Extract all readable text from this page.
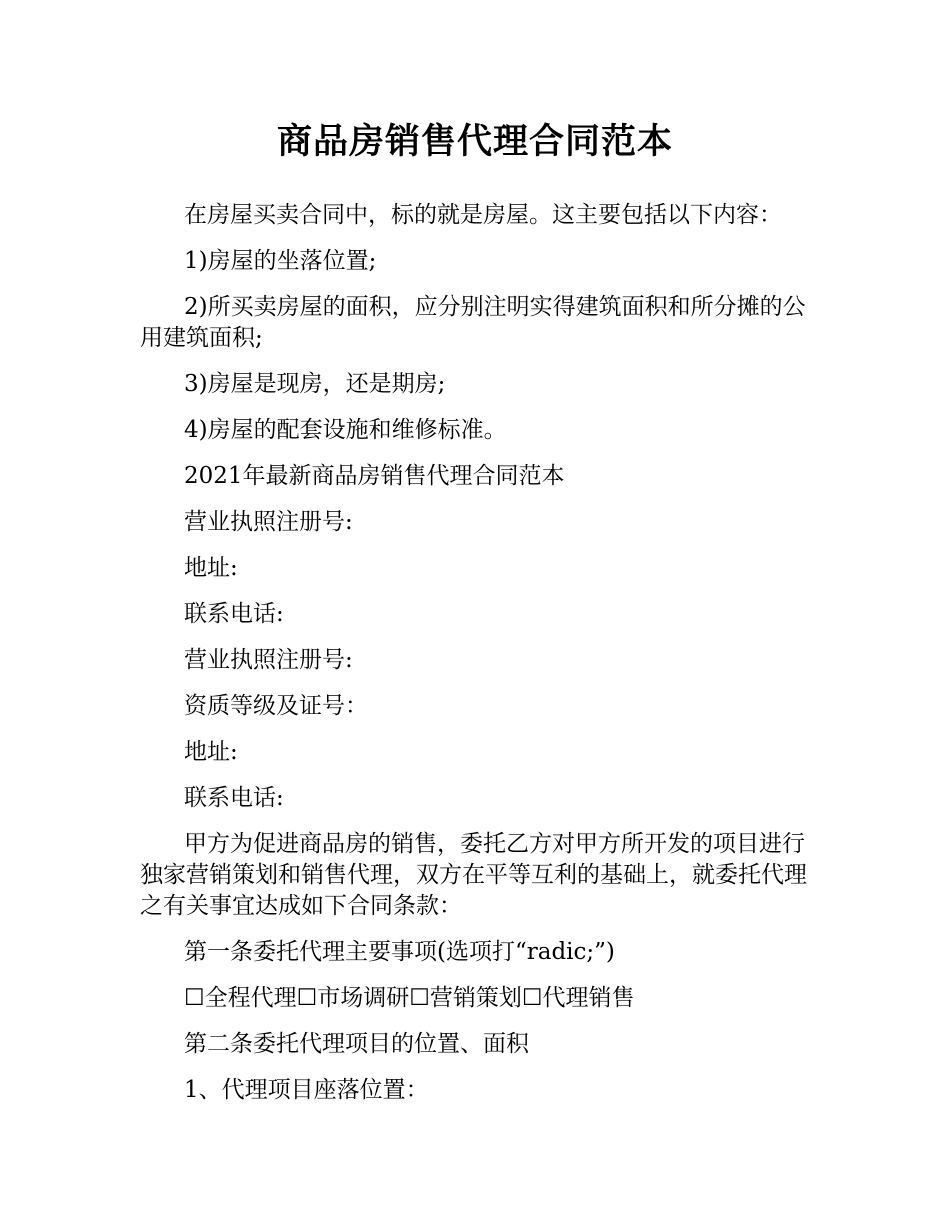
商品房销售代理合同范本

在房屋买卖合同中，标的就是房屋。这主要包括以下内容：

1)房屋的坐落位置;

2)所买卖房屋的面积，应分别注明实得建筑面积和所分摊的公用建筑面积;

3)房屋是现房，还是期房;

4)房屋的配套设施和维修标准。

2021年最新商品房销售代理合同范本

营业执照注册号:

地址:

联系电话:

营业执照注册号:

资质等级及证号：

地址:

联系电话:

甲方为促进商品房的销售，委托乙方对甲方所开发的项目进行独家营销策划和销售代理，双方在平等互利的基础上，就委托代理之有关事宜达成如下合同条款：

第一条委托代理主要事项(选项打“radic;”)

☐全程代理☐市场调研☐营销策划☐代理销售

第二条委托代理项目的位置、面积

1、代理项目座落位置：
